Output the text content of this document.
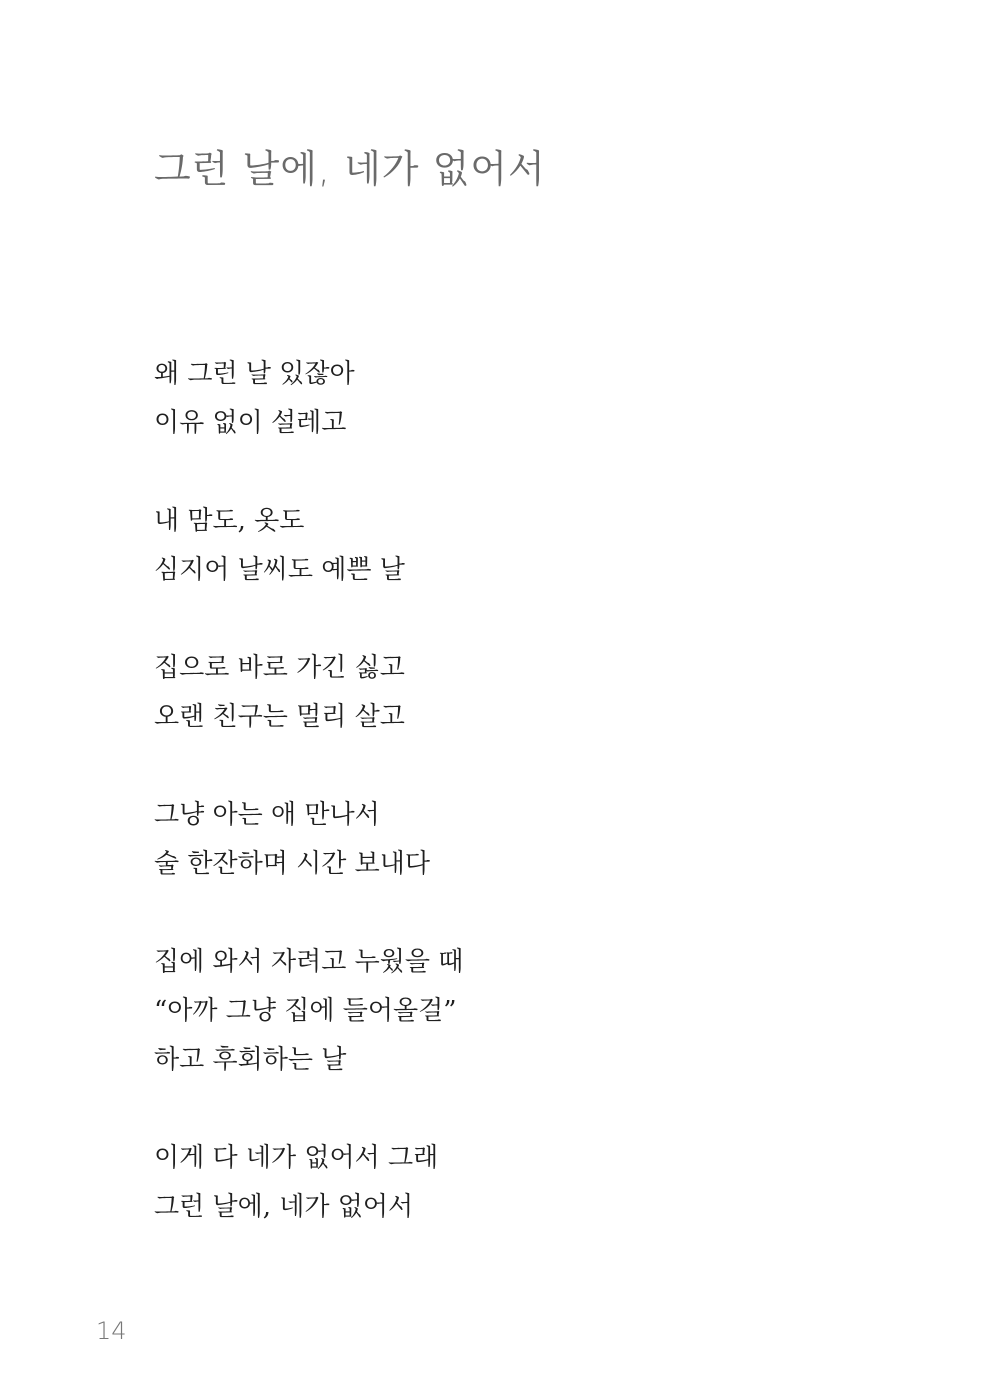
그런 날에, 네가 없어서
왜 그런 날 있잖아
이유 없이 설레고
내 맘도, 옷도
심지어 날씨도 예쁜 날
집으로 바로 가긴 싫고
오랜 친구는 멀리 살고
그냥 아는 애 만나서
술 한잔하며 시간 보내다
집에 와서 자려고 누웠을 때
“아까 그냥 집에 들어올걸”
하고 후회하는 날
이게 다 네가 없어서 그래
그런 날에, 네가 없어서
14
